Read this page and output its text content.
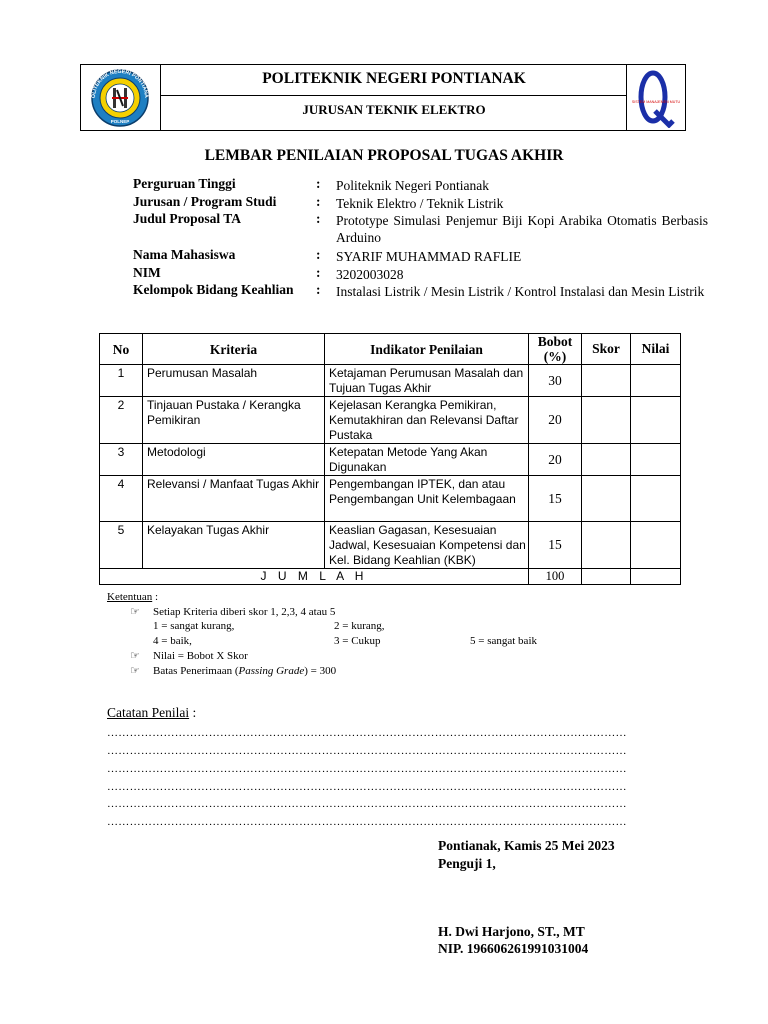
OLITEKNIK NEGERI PONTIANA
POLNEP
POLITEKNIK NEGERI PONTIANAK
JURUSAN TEKNIK ELEKTRO	SISTEM MANAJEMEN MUTU
LEMBAR PENILAIAN PROPOSAL TUGAS AKHIR
Perguruan Tinggi	: Politeknik Negeri Pontianak
Jurusan / Program Studi	: Teknik Elektro / Teknik Listrik
Judul Proposal TA	: Prototype Simulasi Penjemur Biji Kopi Arabika Otomatis Berbasis Arduino
Nama Mahasiswa	: SYARIF MUHAMMAD RAFLIE
NIM	: 3202003028
Kelompok Bidang Keahlian : Instalasi Listrik / Mesin Listrik / Kontrol Instalasi dan Mesin Listrik
No	Kriteria	Indikator Penilaian	Bobot (%)	Skor	Nilai
1	Perumusan Masalah	Ketajaman Perumusan Masalah dan Tujuan Tugas Akhir	30		
2	Tinjauan Pustaka / Kerangka Pemikiran	Kejelasan Kerangka Pemikiran, Kemutakhiran dan Relevansi Daftar Pustaka	20		
3	Metodologi	Ketepatan Metode Yang Akan Digunakan	20		
4	Relevansi / Manfaat Tugas Akhir	Pengembangan IPTEK, dan atau Pengembangan Unit Kelembagaan	15		
5	Kelayakan Tugas Akhir	Keaslian Gagasan, Kesesuaian Jadwal, Kesesuaian Kompetensi dan Kel. Bidang Keahlian (KBK)	15		
J U M L A H			100		
Ketentuan :
☞	Setiap Kriteria diberi skor 1, 2,3, 4 atau 5
1 = sangat kurang,	2 = kurang,
4 = baik,	3 = Cukup	5 = sangat baik
☞	Nilai = Bobot X Skor
☞	Batas Penerimaan (Passing Grade) = 300
Catatan Penilai :
…………………………………………………………………………………………………………………………
…………………………………………………………………………………………………………………………
…………………………………………………………………………………………………………………………
…………………………………………………………………………………………………………………………
…………………………………………………………………………………………………………………………
…………………………………………………………………………………………………………………………
Pontianak, Kamis 25 Mei 2023
Penguji 1,
H. Dwi Harjono, ST., MT
NIP. 196606261991031004
